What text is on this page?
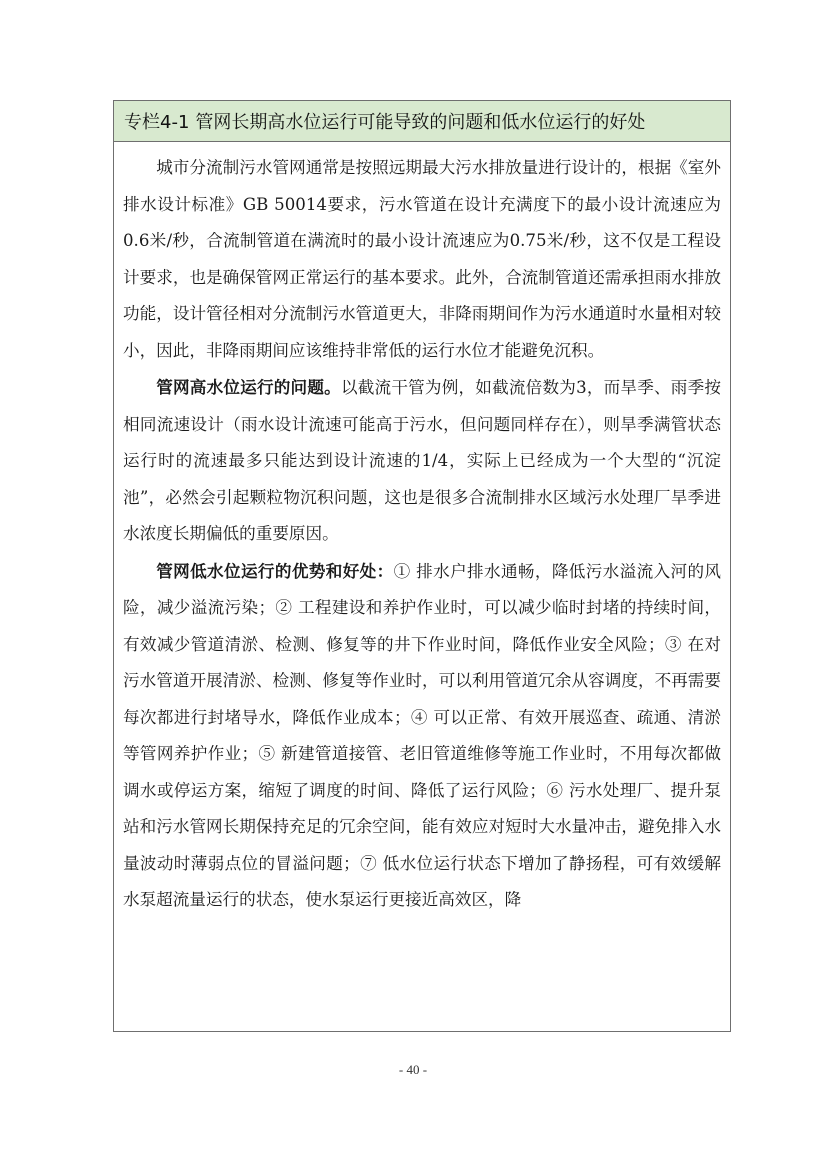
专栏4-1 管网长期高水位运行可能导致的问题和低水位运行的好处

城市分流制污水管网通常是按照远期最大污水排放量进行设计的，根据《室外排水设计标准》GB 50014要求，污水管道在设计充满度下的最小设计流速应为0.6米/秒，合流制管道在满流时的最小设计流速应为0.75米/秒，这不仅是工程设计要求，也是确保管网正常运行的基本要求。此外，合流制管道还需承担雨水排放功能，设计管径相对分流制污水管道更大，非降雨期间作为污水通道时水量相对较小，因此，非降雨期间应该维持非常低的运行水位才能避免沉积。

管网高水位运行的问题。以截流干管为例，如截流倍数为3，而旱季、雨季按相同流速设计（雨水设计流速可能高于污水，但问题同样存在），则旱季满管状态运行时的流速最多只能达到设计流速的1/4，实际上已经成为一个大型的“沉淀池”，必然会引起颗粒物沉积问题，这也是很多合流制排水区域污水处理厂旱季进水浓度长期偏低的重要原因。

管网低水位运行的优势和好处：① 排水户排水通畅，降低污水溢流入河的风险，减少溢流污染；② 工程建设和养护作业时，可以减少临时封堵的持续时间，有效减少管道清淤、检测、修复等的井下作业时间，降低作业安全风险；③ 在对污水管道开展清淤、检测、修复等作业时，可以利用管道冗余从容调度，不再需要每次都进行封堵导水，降低作业成本；④ 可以正常、有效开展巡查、疏通、清淤等管网养护作业；⑤ 新建管道接管、老旧管道维修等施工作业时，不用每次都做调水或停运方案，缩短了调度的时间、降低了运行风险；⑥ 污水处理厂、提升泵站和污水管网长期保持充足的冗余空间，能有效应对短时大水量冲击，避免排入水量波动时薄弱点位的冒溢问题；⑦ 低水位运行状态下增加了静扬程，可有效缓解水泵超流量运行的状态，使水泵运行更接近高效区，降

- 40 -
